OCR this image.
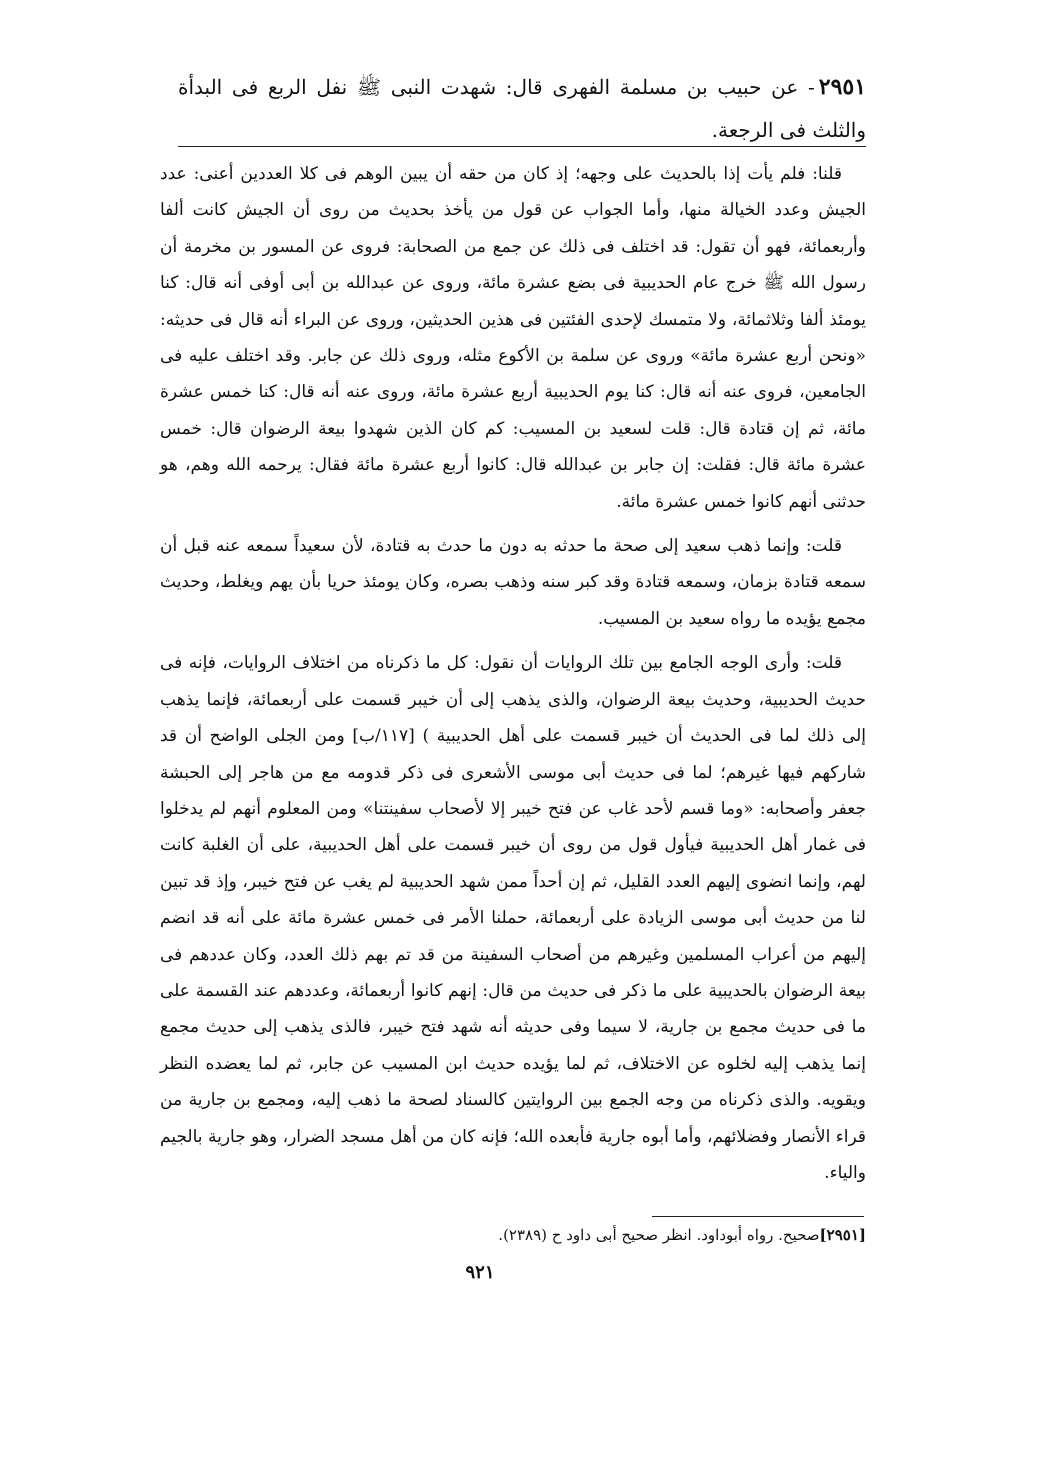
٢٩٥١- عن حبيب بن مسلمة الفهرى قال: شهدت النبى ﷺ نفل الربع فى البدأة والثلث فى الرجعة.

قلنا: فلم يأت إذا بالحديث على وجهه؛ إذ كان من حقه أن يبين الوهم فى كلا العددين أعنى: عدد الجيش وعدد الخيالة منها، وأما الجواب عن قول من يأخذ بحديث من روى أن الجيش كانت ألفا وأربعمائة، فهو أن تقول: قد اختلف فى ذلك عن جمع من الصحابة: فروى عن المسور بن مخرمة أن رسول الله ﷺ خرج عام الحديبية فى بضع عشرة مائة، وروى عن عبدالله بن أبى أوفى أنه قال: كنا يومئذ ألفا وثلاثمائة، ولا متمسك لإحدى الفئتين فى هذين الحديثين، وروى عن البراء أنه قال فى حديثه: «ونحن أربع عشرة مائة» وروى عن سلمة بن الأكوع مثله، وروى ذلك عن جابر. وقد اختلف عليه فى الجامعين، فروى عنه أنه قال: كنا يوم الحديبية أربع عشرة مائة، وروى عنه أنه قال: كنا خمس عشرة مائة، ثم إن قتادة قال: قلت لسعيد بن المسيب: كم كان الذين شهدوا بيعة الرضوان قال: خمس عشرة مائة قال: فقلت: إن جابر بن عبدالله قال: كانوا أربع عشرة مائة فقال: يرحمه الله وهم، هو حدثنى أنهم كانوا خمس عشرة مائة.

قلت: وإنما ذهب سعيد إلى صحة ما حدثه به دون ما حدث به قتادة، لأن سعيداً سمعه عنه قبل أن سمعه قتادة بزمان، وسمعه قتادة وقد كبر سنه وذهب بصره، وكان يومئذ حريا بأن يهم ويغلط، وحديث مجمع يؤيده ما رواه سعيد بن المسيب.

قلت: وأرى الوجه الجامع بين تلك الروايات أن نقول: كل ما ذكرناه من اختلاف الروايات، فإنه فى حديث الحديبية، وحديث بيعة الرضوان، والذى يذهب إلى أن خيبر قسمت على أربعمائة، فإنما يذهب إلى ذلك لما فى الحديث أن خيبر قسمت على أهل الحديبية ) [١١٧/ب] ومن الجلى الواضح أن قد شاركهم فيها غيرهم؛ لما فى حديث أبى موسى الأشعرى فى ذكر قدومه مع من هاجر إلى الحبشة جعفر وأصحابه: «وما قسم لأحد غاب عن فتح خيبر إلا لأصحاب سفينتنا» ومن المعلوم أنهم لم يدخلوا فى غمار أهل الحديبية فيأول قول من روى أن خيبر قسمت على أهل الحديبية، على أن الغلبة كانت لهم، وإنما انضوى إليهم العدد القليل، ثم إن أحداً ممن شهد الحديبية لم يغب عن فتح خيبر، وإذ قد تبين لنا من حديث أبى موسى الزيادة على أربعمائة، حملنا الأمر فى خمس عشرة مائة على أنه قد انضم إليهم من أعراب المسلمين وغيرهم من أصحاب السفينة من قد تم بهم ذلك العدد، وكان عددهم فى بيعة الرضوان بالحديبية على ما ذكر فى حديث من قال: إنهم كانوا أربعمائة، وعددهم عند القسمة على ما فى حديث مجمع بن جارية، لا سيما وفى حديثه أنه شهد فتح خيبر، فالذى يذهب إلى حديث مجمع إنما يذهب إليه لخلوه عن الاختلاف، ثم لما يؤيده حديث ابن المسيب عن جابر، ثم لما يعضده النظر ويقويه. والذى ذكرناه من وجه الجمع بين الروايتين كالسناد لصحة ما ذهب إليه، ومجمع بن جارية من قراء الأنصار وفضلائهم، وأما أبوه جارية فأبعده الله؛ فإنه كان من أهل مسجد الضرار، وهو جارية بالجيم والياء.

[٢٩٥١]صحيح. رواه أبوداود. انظر صحيح أبى داود ح (٢٣٨٩).
٩٢١
